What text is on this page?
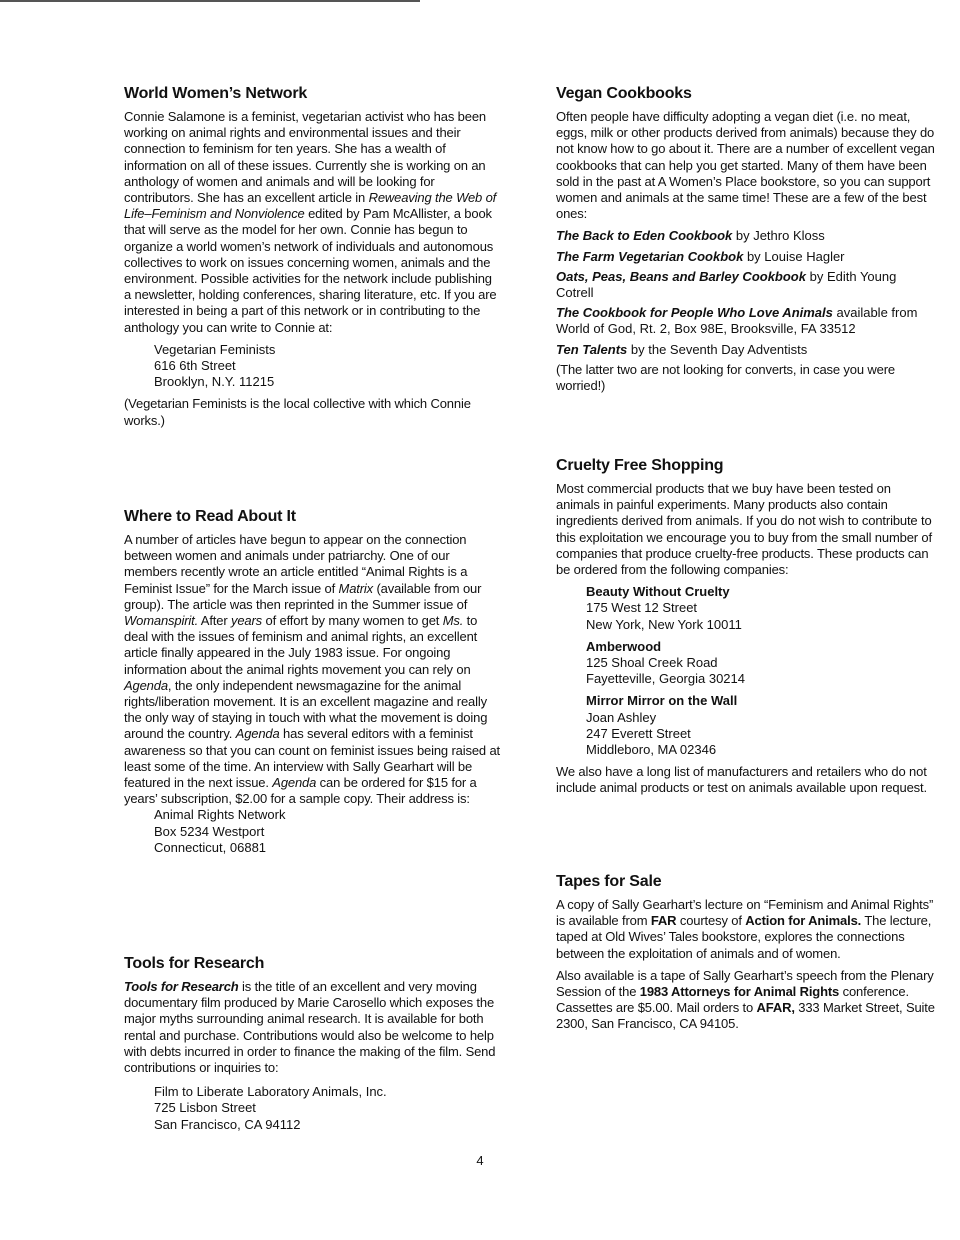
World Women’s Network

Connie Salamone is a feminist, vegetarian activist who has been working on animal rights and environmental issues and their connection to feminism for ten years. She has a wealth of information on all of these issues. Currently she is working on an anthology of women and animals and will be looking for contributors. She has an excellent article in Reweaving the Web of Life–Feminism and Nonviolence edited by Pam McAllister, a book that will serve as the model for her own. Connie has begun to organize a world women’s network of individuals and autonomous collectives to work on issues concerning women, animals and the environment. Possible activities for the network include publishing a newsletter, holding conferences, sharing literature, etc. If you are interested in being a part of this network or in contributing to the anthology you can write to Connie at:

Vegetarian Feminists
616 6th Street
Brooklyn, N.Y. 11215

(Vegetarian Feminists is the local collective with which Connie works.)

Where to Read About It

A number of articles have begun to appear on the connection between women and animals under patriarchy. One of our members recently wrote an article entitled “Animal Rights is a Feminist Issue” for the March issue of Matrix (available from our group). The article was then reprinted in the Summer issue of Womanspirit. After years of effort by many women to get Ms. to deal with the issues of feminism and animal rights, an excellent article finally appeared in the July 1983 issue. For ongoing information about the animal rights movement you can rely on Agenda, the only independent newsmagazine for the animal rights/liberation movement. It is an excellent magazine and really the only way of staying in touch with what the movement is doing around the country. Agenda has several editors with a feminist awareness so that you can count on feminist issues being raised at least some of the time. An interview with Sally Gearhart will be featured in the next issue. Agenda can be ordered for $15 for a years’ subscription, $2.00 for a sample copy. Their address is:

Animal Rights Network
Box 5234 Westport
Connecticut, 06881
Tools for Research

Tools for Research is the title of an excellent and very moving documentary film produced by Marie Carosello which exposes the major myths surrounding animal research. It is available for both rental and purchase. Contributions would also be welcome to help with debts incurred in order to finance the making of the film. Send contributions or inquiries to:

Film to Liberate Laboratory Animals, Inc.
725 Lisbon Street
San Francisco, CA 94112
Vegan Cookbooks

Often people have difficulty adopting a vegan diet (i.e. no meat, eggs, milk or other products derived from animals) because they do not know how to go about it. There are a number of excellent vegan cookbooks that can help you get started. Many of them have been sold in the past at A Women’s Place bookstore, so you can support women and animals at the same time! These are a few of the best ones:

The Back to Eden Cookbook by Jethro Kloss
The Farm Vegetarian Cookbok by Louise Hagler
Oats, Peas, Beans and Barley Cookbook by Edith Young Cotrell
The Cookbook for People Who Love Animals available from World of God, Rt. 2, Box 98E, Brooksville, FA 33512
Ten Talents by the Seventh Day Adventists

(The latter two are not looking for converts, in case you were worried!)

Cruelty Free Shopping

Most commercial products that we buy have been tested on animals in painful experiments. Many products also contain ingredients derived from animals. If you do not wish to contribute to this exploitation we encourage you to buy from the small number of companies that produce cruelty-free products. These products can be ordered from the following companies:

Beauty Without Cruelty
175 West 12 Street
New York, New York 10011
Amberwood
125 Shoal Creek Road
Fayetteville, Georgia 30214
Mirror Mirror on the Wall
Joan Ashley
247 Everett Street
Middleboro, MA 02346

We also have a long list of manufacturers and retailers who do not include animal products or test on animals available upon request.

Tapes for Sale

A copy of Sally Gearhart’s lecture on “Feminism and Animal Rights” is available from FAR courtesy of Action for Animals. The lecture, taped at Old Wives’ Tales bookstore, explores the connections between the exploitation of animals and of women.

Also available is a tape of Sally Gearhart’s speech from the Plenary Session of the 1983 Attorneys for Animal Rights conference. Cassettes are $5.00. Mail orders to AFAR, 333 Market Street, Suite 2300, San Francisco, CA 94105.

4
